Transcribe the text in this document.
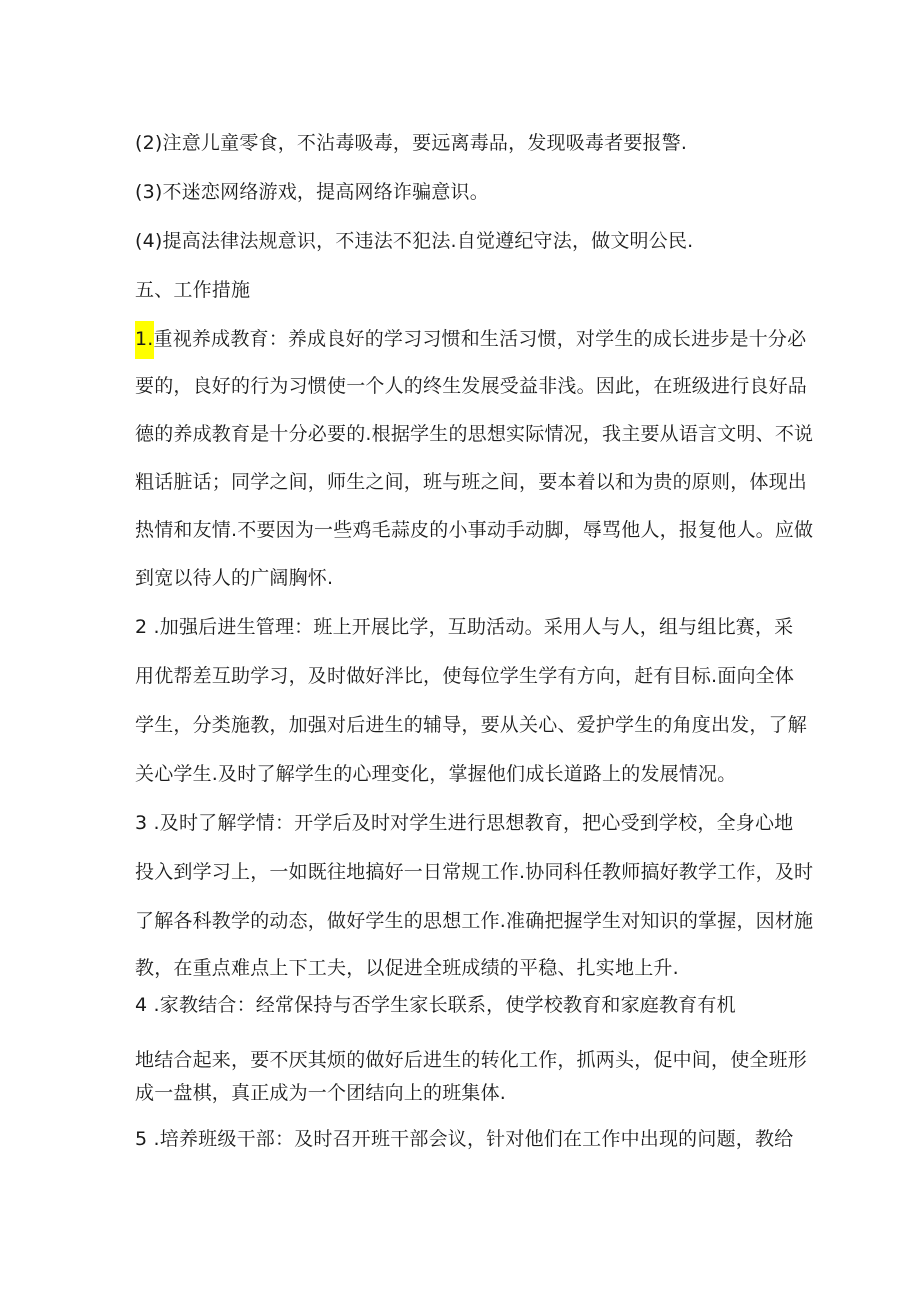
(2)注意儿童零食，不沾毒吸毒，要远离毒品，发现吸毒者要报警.
(3)不迷恋网络游戏，提高网络诈骗意识。
(4)提高法律法规意识，不违法不犯法.自觉遵纪守法，做文明公民.
五、工作措施
1.重视养成教育：养成良好的学习习惯和生活习惯，对学生的成长进步是十分必
要的，良好的行为习惯使一个人的终生发展受益非浅。因此，在班级进行良好品
德的养成教育是十分必要的.根据学生的思想实际情况，我主要从语言文明、不说
粗话脏话；同学之间，师生之间，班与班之间，要本着以和为贵的原则，体现出
热情和友情.不要因为一些鸡毛蒜皮的小事动手动脚，辱骂他人，报复他人。应做
到宽以待人的广阔胸怀.
2 .加强后进生管理：班上开展比学，互助活动。采用人与人，组与组比赛，采
用优帮差互助学习，及时做好泮比，使每位学生学有方向，赶有目标.面向全体
学生，分类施教，加强对后进生的辅导，要从关心、爱护学生的角度出发，了解
关心学生.及时了解学生的心理变化，掌握他们成长道路上的发展情况。
3 .及时了解学情：开学后及时对学生进行思想教育，把心受到学校，全身心地
投入到学习上，一如既往地搞好一日常规工作.协同科任教师搞好教学工作，及时
了解各科教学的动态，做好学生的思想工作.准确把握学生对知识的掌握，因材施
教，在重点难点上下工夫，以促进全班成绩的平稳、扎实地上升.
4 .家教结合：经常保持与否学生家长联系，使学校教育和家庭教育有机
地结合起来，要不厌其烦的做好后进生的转化工作，抓两头，促中间，使全班形
成一盘棋，真正成为一个团结向上的班集体.
5 .培养班级干部：及时召开班干部会议，针对他们在工作中出现的问题，教给
